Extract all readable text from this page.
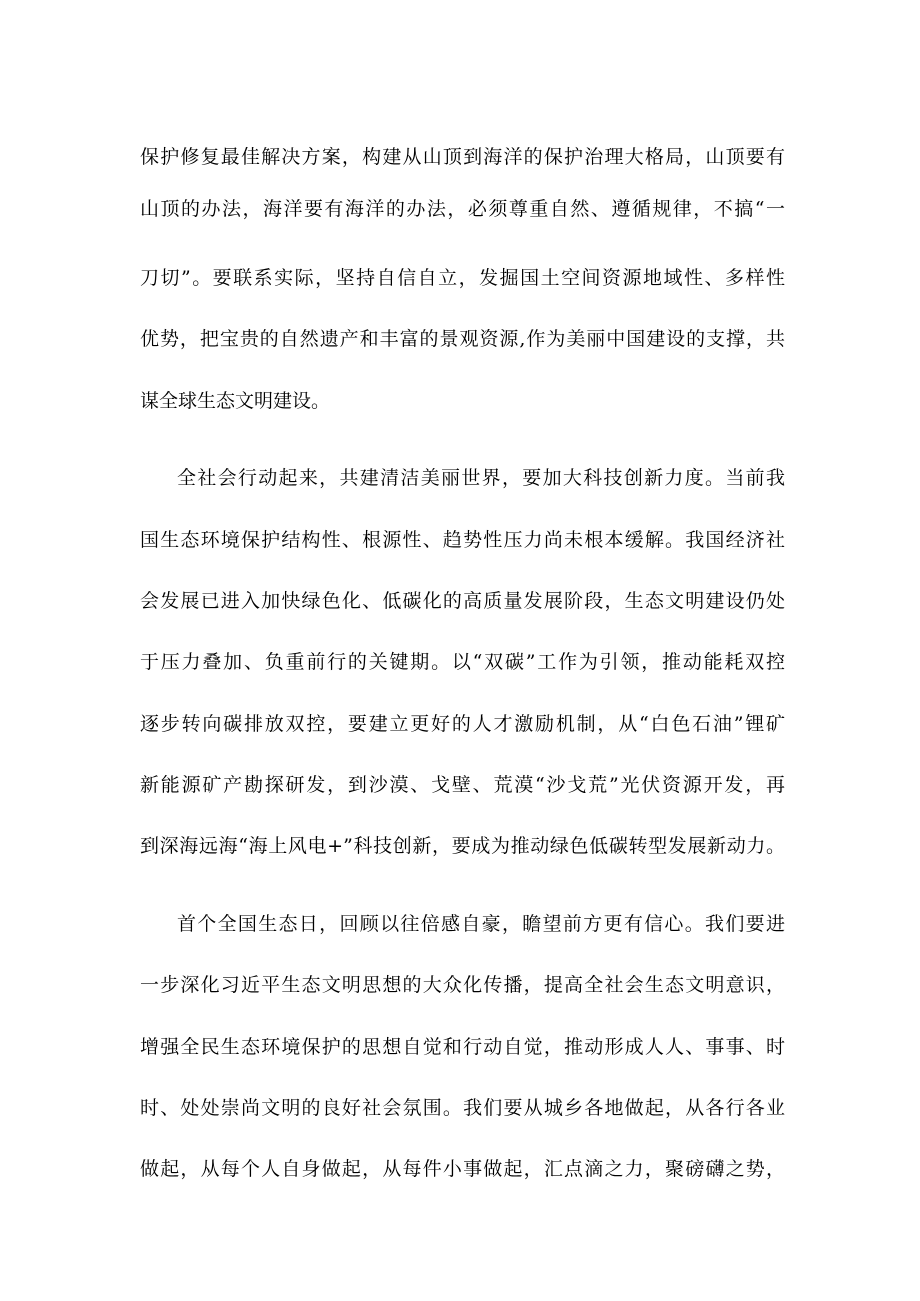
保护修复最佳解决方案，构建从山顶到海洋的保护治理大格局，山顶要有
山顶的办法，海洋要有海洋的办法，必须尊重自然、遵循规律，不搞“一
刀切”。要联系实际，坚持自信自立，发掘国土空间资源地域性、多样性
优势，把宝贵的自然遗产和丰富的景观资源,作为美丽中国建设的支撑，共
谋全球生态文明建设。
全社会行动起来，共建清洁美丽世界，要加大科技创新力度。当前我
国生态环境保护结构性、根源性、趋势性压力尚未根本缓解。我国经济社
会发展已进入加快绿色化、低碳化的高质量发展阶段，生态文明建设仍处
于压力叠加、负重前行的关键期。以“双碳”工作为引领，推动能耗双控
逐步转向碳排放双控，要建立更好的人才激励机制，从“白色石油”锂矿
新能源矿产勘探研发，到沙漠、戈壁、荒漠“沙戈荒”光伏资源开发，再
到深海远海“海上风电+”科技创新，要成为推动绿色低碳转型发展新动力。
首个全国生态日，回顾以往倍感自豪，瞻望前方更有信心。我们要进
一步深化习近平生态文明思想的大众化传播，提高全社会生态文明意识，
增强全民生态环境保护的思想自觉和行动自觉，推动形成人人、事事、时
时、处处崇尚文明的良好社会氛围。我们要从城乡各地做起，从各行各业
做起，从每个人自身做起，从每件小事做起，汇点滴之力，聚磅礴之势，
